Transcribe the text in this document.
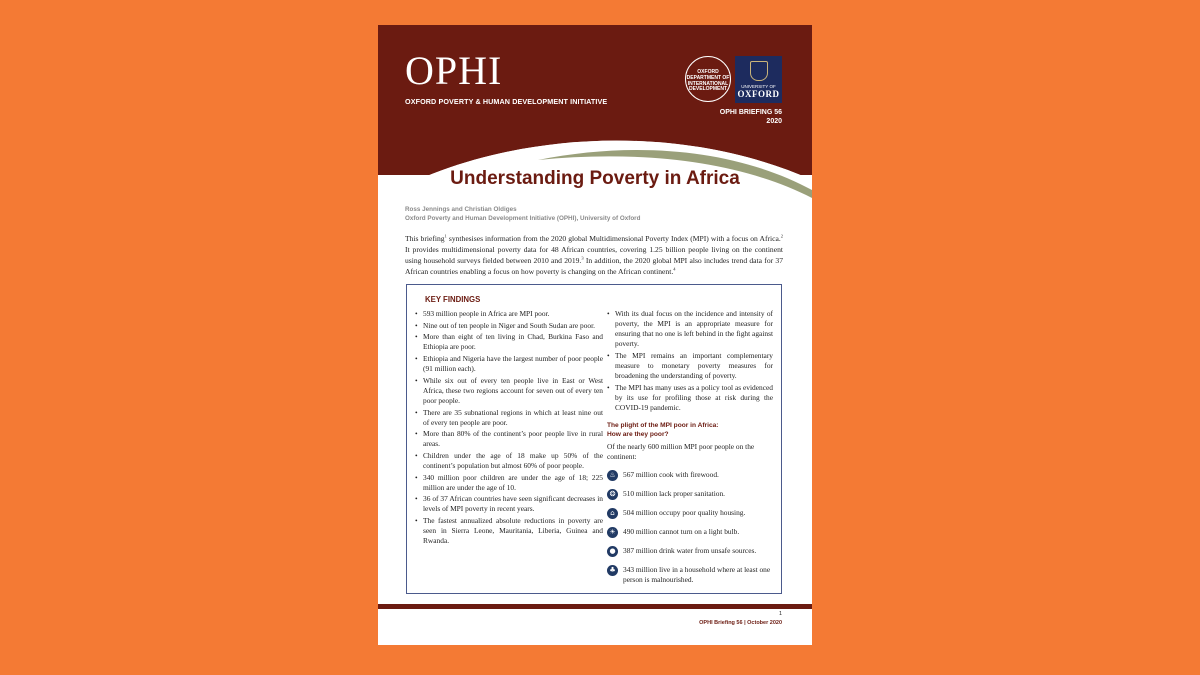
OPHI
OXFORD POVERTY & HUMAN DEVELOPMENT INITIATIVE
OXFORD
DEPARTMENT OF
INTERNATIONAL
DEVELOPMENT	UNIVERSITY OF
OXFORD
OPHI BRIEFING 56
2020
Understanding Poverty in Africa
Ross Jennings and Christian Oldiges
Oxford Poverty and Human Development Initiative (OPHI), University of Oxford
This briefing$^1$ synthesises information from the 2020 global Multidimensional Poverty Index (MPI) with a focus on Africa.$^2$ It provides multidimensional poverty data for 48 African countries, covering 1.25 billion people living on the continent using household surveys fielded between 2010 and 2019.$^3$ In addition, the 2020 global MPI also includes trend data for 37 African countries enabling a focus on how poverty is changing on the African continent.$^4$
KEY FINDINGS
• 593 million people in Africa are MPI poor.
• Nine out of ten people in Niger and South Sudan are poor.
• More than eight of ten living in Chad, Burkina Faso and Ethiopia are poor.
• Ethiopia and Nigeria have the largest number of poor people (91 million each).
• While six out of every ten people live in East or West Africa, these two regions account for seven out of every ten poor people.
• There are 35 subnational regions in which at least nine out of every ten people are poor.
• More than 80% of the continent’s poor people live in rural areas.
• Children under the age of 18 make up 50% of the continent’s population but almost 60% of poor people.
• 340 million poor children are under the age of 18; 225 million are under the age of 10.
• 36 of 37 African countries have seen significant decreases in levels of MPI poverty in recent years.
• The fastest annualized absolute reductions in poverty are seen in Sierra Leone, Mauritania, Liberia, Guinea and Rwanda.
• With its dual focus on the incidence and intensity of poverty, the MPI is an appropriate measure for ensuring that no one is left behind in the fight against poverty.
• The MPI remains an important complementary measure to monetary poverty measures for broadening the understanding of poverty.
• The MPI has many uses as a policy tool as evidenced by its use for profiling those at risk during the COVID-19 pandemic.
The plight of the MPI poor in Africa:
How are they poor?
Of the nearly 600 million MPI poor people on the continent:
♨ 567 million cook with firewood.
❂	510 million lack proper sanitation.
⌂	504 million occupy poor quality housing.
☀ 490 million cannot turn on a light bulb.
●	387 million drink water from unsafe sources.
♣ 343 million live in a household where at least one person is malnourished.
1
OPHI Briefing 56 | October 2020
